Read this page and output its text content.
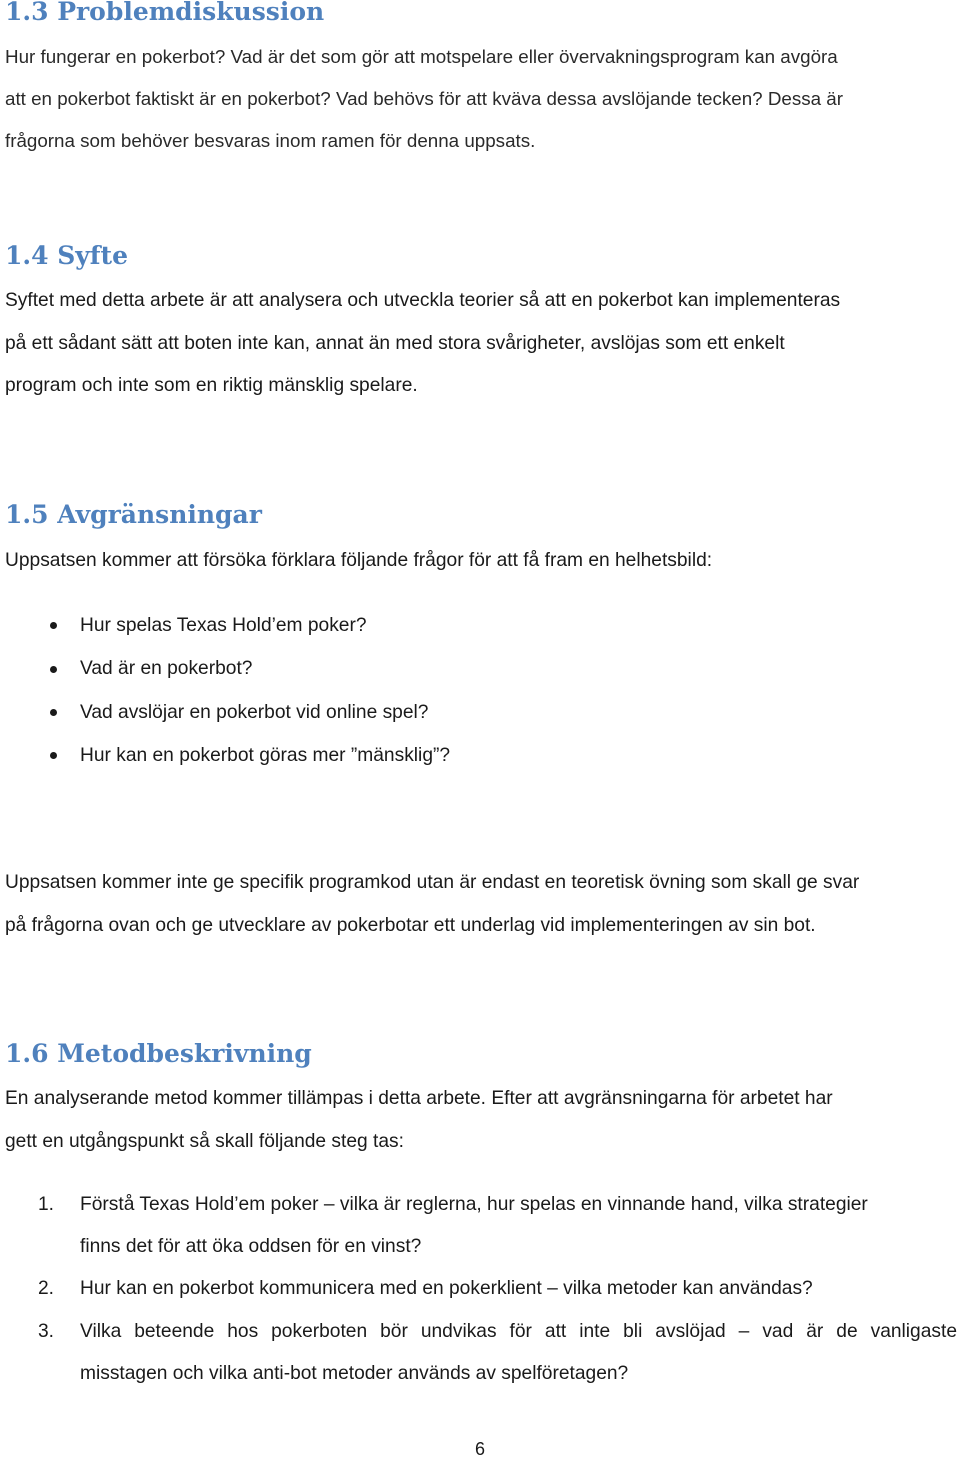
1.3 Problemdiskussion
Hur fungerar en pokerbot? Vad är det som gör att motspelare eller övervakningsprogram kan avgöra
att en pokerbot faktiskt är en pokerbot? Vad behövs för att kväva dessa avslöjande tecken? Dessa är
frågorna som behöver besvaras inom ramen för denna uppsats.
1.4 Syfte
Syftet med detta arbete är att analysera och utveckla teorier så att en pokerbot kan implementeras
på ett sådant sätt att boten inte kan, annat än med stora svårigheter, avslöjas som ett enkelt
program och inte som en riktig mänsklig spelare.
1.5 Avgränsningar
Uppsatsen kommer att försöka förklara följande frågor för att få fram en helhetsbild:
Hur spelas Texas Hold’em poker?
Vad är en pokerbot?
Vad avslöjar en pokerbot vid online spel?
Hur kan en pokerbot göras mer ”mänsklig”?
Uppsatsen kommer inte ge specifik programkod utan är endast en teoretisk övning som skall ge svar
på frågorna ovan och ge utvecklare av pokerbotar ett underlag vid implementeringen av sin bot.
1.6 Metodbeskrivning
En analyserande metod kommer tillämpas i detta arbete. Efter att avgränsningarna för arbetet har
gett en utgångspunkt så skall följande steg tas:
1. Förstå Texas Hold’em poker – vilka är reglerna, hur spelas en vinnande hand, vilka strategier
finns det för att öka oddsen för en vinst?
2. Hur kan en pokerbot kommunicera med en pokerklient – vilka metoder kan användas?
3. Vilka beteende hos pokerboten bör undvikas för att inte bli avslöjad – vad är de vanligaste
misstagen och vilka anti-bot metoder används av spelföretagen?
6
